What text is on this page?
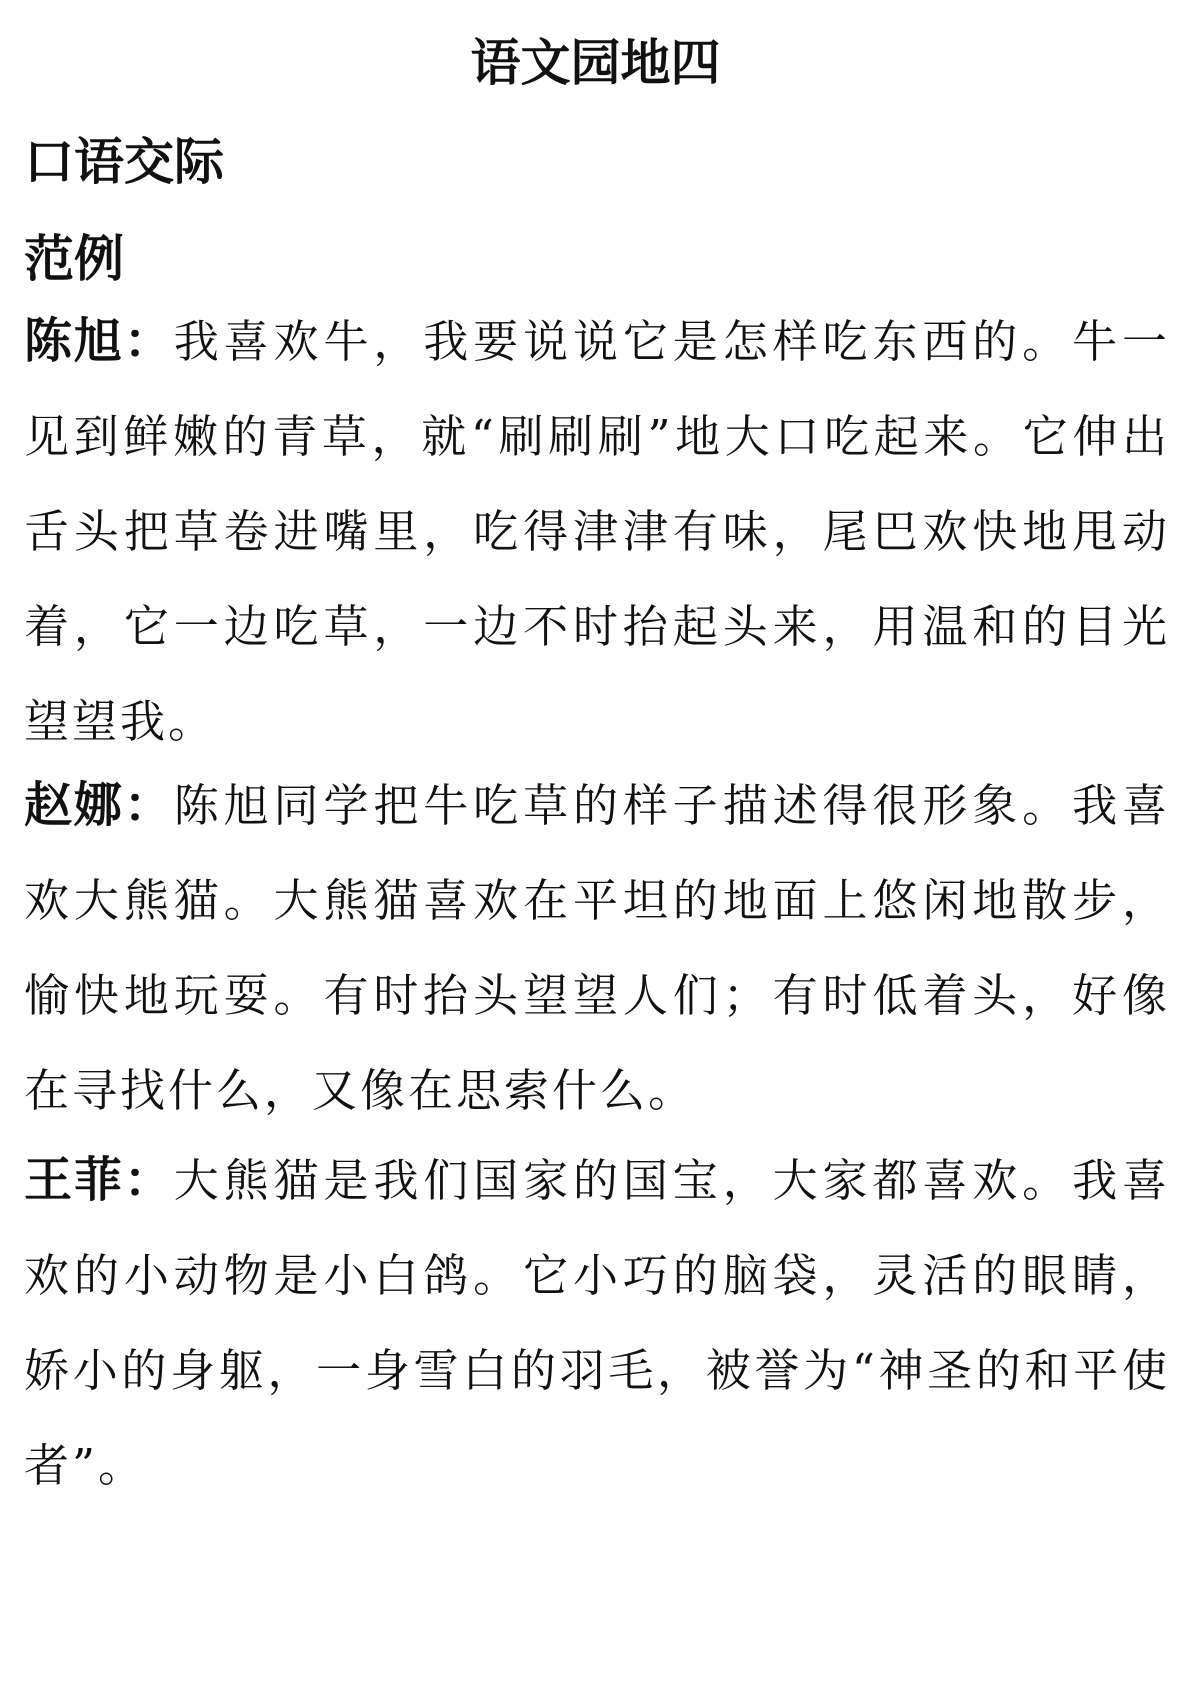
语文园地四
口语交际
范例

陈旭：我喜欢牛，我要说说它是怎样吃东西的。牛一见到鲜嫩的青草，就“刷刷刷”地大口吃起来。它伸出舌头把草卷进嘴里，吃得津津有味，尾巴欢快地甩动着，它一边吃草，一边不时抬起头来，用温和的目光望望我。

赵娜：陈旭同学把牛吃草的样子描述得很形象。我喜欢大熊猫。大熊猫喜欢在平坦的地面上悠闲地散步，愉快地玩耍。有时抬头望望人们；有时低着头，好像在寻找什么，又像在思索什么。

王菲：大熊猫是我们国家的国宝，大家都喜欢。我喜欢的小动物是小白鸽。它小巧的脑袋，灵活的眼睛，娇小的身躯，一身雪白的羽毛，被誉为“神圣的和平使者”。
